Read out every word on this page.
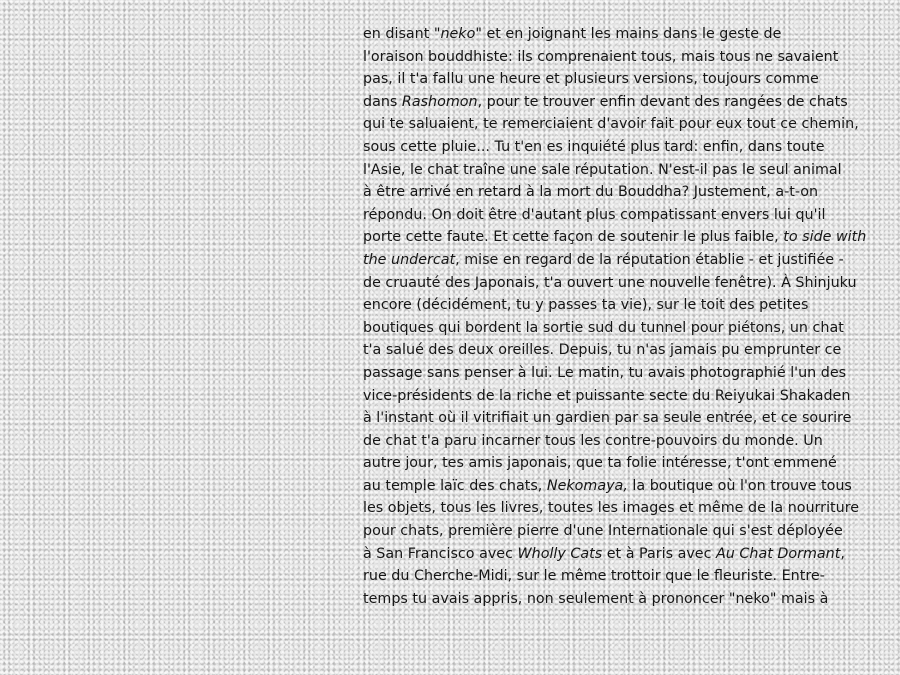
en disant "neko" et en joignant les mains dans le geste de
l'oraison bouddhiste: ils comprenaient tous, mais tous ne savaient
pas, il t'a fallu une heure et plusieurs versions, toujours comme
dans Rashomon, pour te trouver enfin devant des rangées de chats
qui te saluaient, te remerciaient d'avoir fait pour eux tout ce chemin,
sous cette pluie... Tu t'en es inquiété plus tard: enfin, dans toute
l'Asie, le chat traîne une sale réputation. N'est-il pas le seul animal
à être arrivé en retard à la mort du Bouddha? Justement, a-t-on
répondu. On doit être d'autant plus compatissant envers lui qu'il
porte cette faute. Et cette façon de soutenir le plus faible, to side with
the undercat, mise en regard de la réputation établie - et justifiée -
de cruauté des Japonais, t'a ouvert une nouvelle fenêtre). À Shinjuku
encore (décidément, tu y passes ta vie), sur le toit des petites
boutiques qui bordent la sortie sud du tunnel pour piétons, un chat
t'a salué des deux oreilles. Depuis, tu n'as jamais pu emprunter ce
passage sans penser à lui. Le matin, tu avais photographié l'un des
vice-présidents de la riche et puissante secte du Reiyukai Shakaden
à l'instant où il vitrifiait un gardien par sa seule entrée, et ce sourire
de chat t'a paru incarner tous les contre-pouvoirs du monde. Un
autre jour, tes amis japonais, que ta folie intéresse, t'ont emmené
au temple laïc des chats, Nekomaya, la boutique où l'on trouve tous
les objets, tous les livres, toutes les images et même de la nourriture
pour chats, première pierre d'une Internationale qui s'est déployée
à San Francisco avec Wholly Cats et à Paris avec Au Chat Dormant,
rue du Cherche-Midi, sur le même trottoir que le fleuriste. Entre-
temps tu avais appris, non seulement à prononcer "neko" mais à
